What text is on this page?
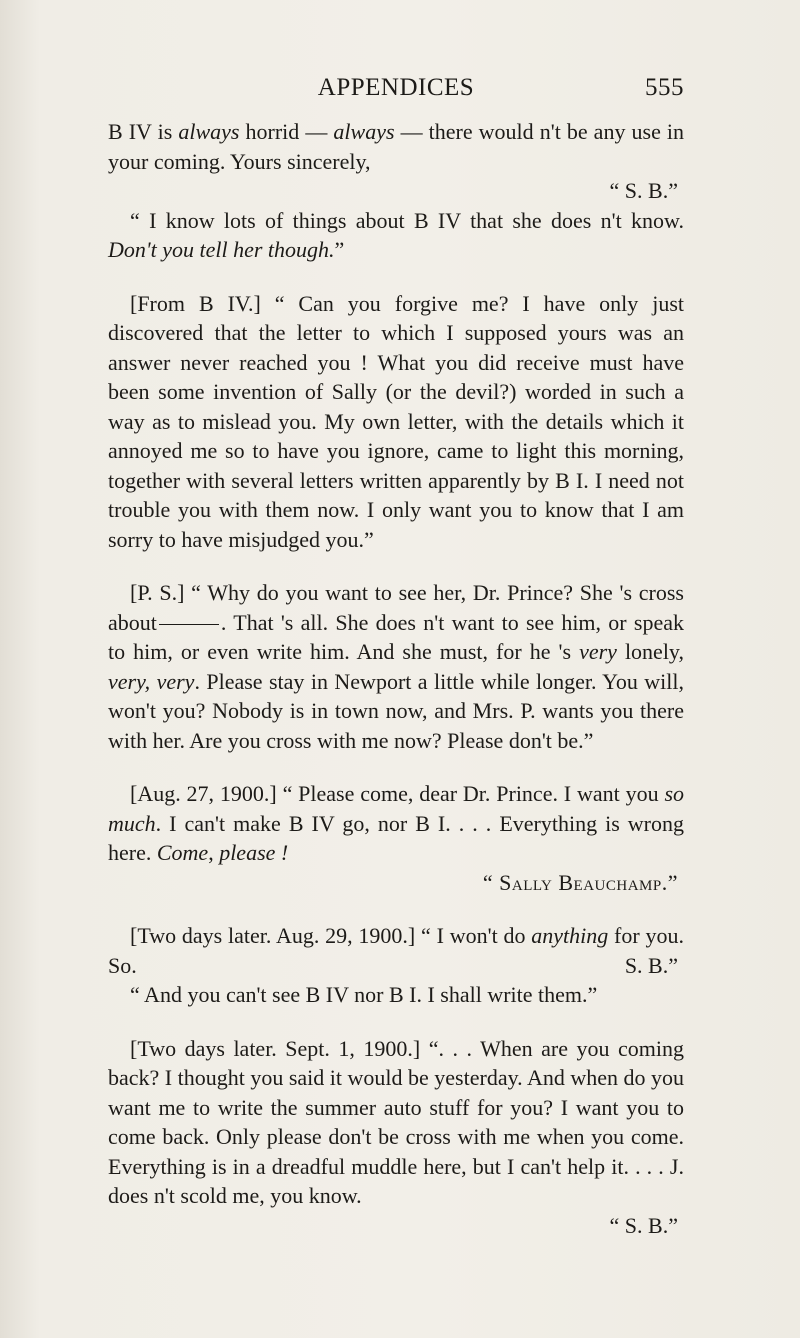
APPENDICES	555

B IV is always horrid — always — there would n't be any use in your coming. Yours sincerely,

“ S. B.”

“ I know lots of things about B IV that she does n't know. Don't you tell her though.”

[From B IV.] “ Can you forgive me? I have only just discovered that the letter to which I supposed yours was an answer never reached you ! What you did receive must have been some invention of Sally (or the devil?) worded in such a way as to mislead you. My own letter, with the details which it annoyed me so to have you ignore, came to light this morning, together with several letters written apparently by B I. I need not trouble you with them now. I only want you to know that I am sorry to have misjudged you.”

[P. S.] “ Why do you want to see her, Dr. Prince? She 's cross about	. That 's all. She does n't want to see him, or speak to him, or even write him. And she must, for he 's very lonely, very, very. Please stay in Newport a little while longer. You will, won't you? Nobody is in town now, and Mrs. P. wants you there with her. Are you cross with me now? Please don't be.”

[Aug. 27, 1900.] “ Please come, dear Dr. Prince. I want you so much. I can't make B IV go, nor B I. . . . Everything is wrong here. Come, please !

“ Sally Beauchamp.”

[Two days later. Aug. 29, 1900.] “ I won't do anything for you. So.	S. B.”

“ And you can't see B IV nor B I. I shall write them.”

[Two days later. Sept. 1, 1900.] “. . . When are you coming back? I thought you said it would be yesterday. And when do you want me to write the summer auto stuff for you? I want you to come back. Only please don't be cross with me when you come. Everything is in a dreadful muddle here, but I can't help it. . . . J. does n't scold me, you know.

“ S. B.”
